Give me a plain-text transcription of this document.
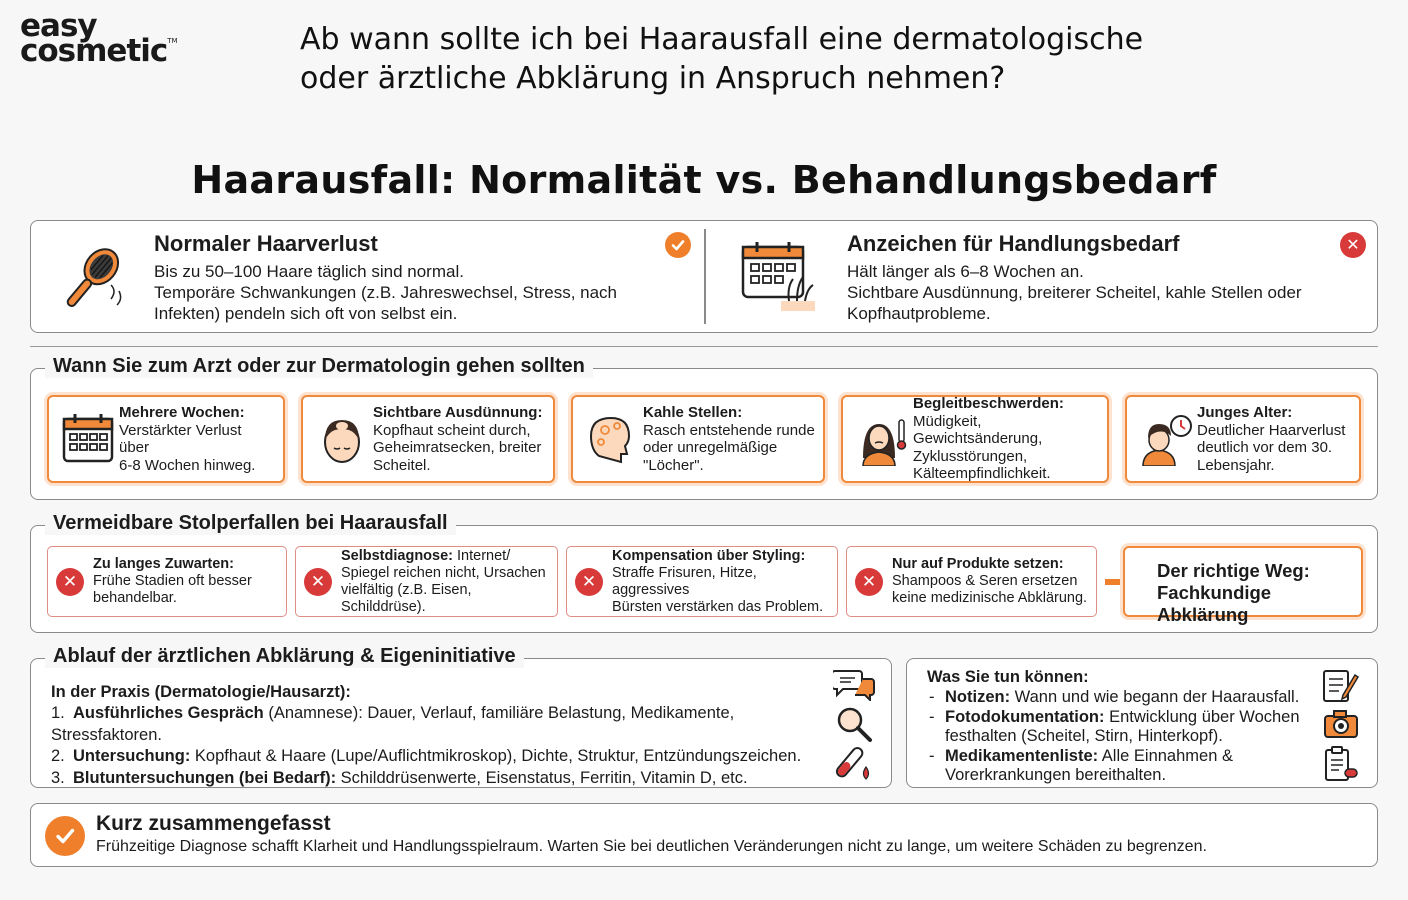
easy
cosmetic™	Ab wann sollte ich bei Haarausfall eine dermatologische
oder ärztliche Abklärung in Anspruch nehmen?
Haarausfall: Normalität vs. Behandlungsbedarf
Normaler Haarverlust
Bis zu 50–100 Haare täglich sind normal.
Temporäre Schwankungen (z.B. Jahreswechsel, Stress, nach
Infekten) pendeln sich oft von selbst ein.
Anzeichen für Handlungsbedarf
Hält länger als 6–8 Wochen an.
Sichtbare Ausdünnung, breiterer Scheitel, kahle Stellen oder
Kopfhautprobleme.
✕
Wann Sie zum Arzt oder zur Dermatologin gehen sollten
Mehrere Wochen:
Verstärkter Verlust über
6-8 Wochen hinweg.
Sichtbare Ausdünnung:
Kopfhaut scheint durch,
Geheimratsecken, breiter
Scheitel.
Kahle Stellen:
Rasch entstehende runde
oder unregelmäßige
"Löcher".
Begleitbeschwerden:
Müdigkeit, Gewichtsänderung,
Zyklusstörungen,
Kälteempfindlichkeit.
Junges Alter:
Deutlicher Haarverlust
deutlich vor dem 30.
Lebensjahr.
Vermeidbare Stolperfallen bei Haarausfall
✕
Zu langes Zuwarten:
Frühe Stadien oft besser
behandelbar.
✕
Selbstdiagnose: Internet/
Spiegel reichen nicht, Ursachen
vielfältig (z.B. Eisen, Schilddrüse).
✕
Kompensation über Styling:
Straffe Frisuren, Hitze, aggressives
Bürsten verstärken das Problem.
✕
Nur auf Produkte setzen:
Shampoos & Seren ersetzen
keine medizinische Abklärung.
Der richtige Weg:
Fachkundige Abklärung
Ablauf der ärztlichen Abklärung & Eigeninitiative
In der Praxis (Dermatologie/Hausarzt):
1. Ausführliches Gespräch (Anamnese): Dauer, Verlauf, familiäre Belastung, Medikamente, Stressfaktoren.
2. Untersuchung: Kopfhaut & Haare (Lupe/Auflichtmikroskop), Dichte, Struktur, Entzündungszeichen.
3. Blutuntersuchungen (bei Bedarf): Schilddrüsenwerte, Eisenstatus, Ferritin, Vitamin D, etc.
Was Sie tun können:
- Notizen: Wann und wie begann der Haarausfall.
- Fotodokumentation: Entwicklung über Wochen
festhalten (Scheitel, Stirn, Hinterkopf).
- Medikamentenliste: Alle Einnahmen &
Vorerkrankungen bereithalten.
Kurz zusammengefasst
Frühzeitige Diagnose schafft Klarheit und Handlungsspielraum. Warten Sie bei deutlichen Veränderungen nicht zu lange, um weitere Schäden zu begrenzen.
